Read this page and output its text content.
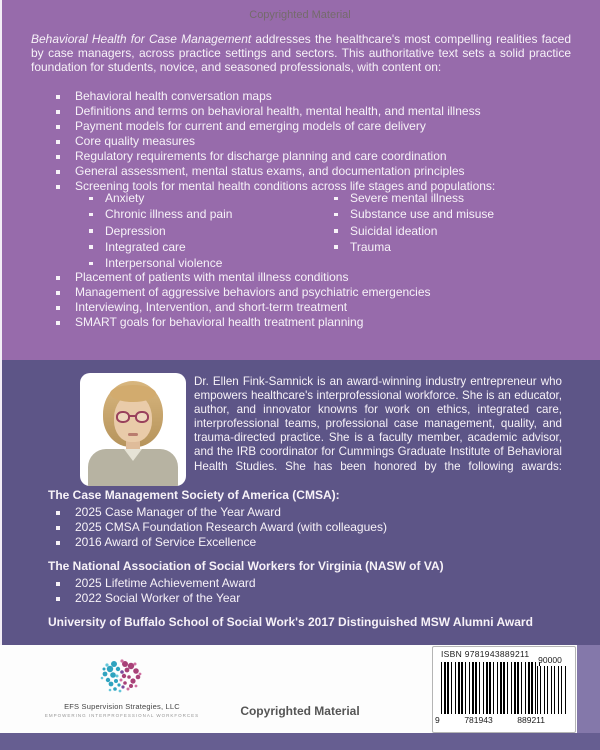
Copyrighted Material

Behavioral Health for Case Management addresses the healthcare's most compelling realities faced by case managers, across practice settings and sectors. This authoritative text sets a solid practice foundation for students, novice, and seasoned professionals, with content on:

Behavioral health conversation maps
Definitions and terms on behavioral health, mental health, and mental illness
Payment models for current and emerging models of care delivery
Core quality measures
Regulatory requirements for discharge planning and care coordination
General assessment, mental status exams, and documentation principles
Screening tools for mental health conditions across life stages and populations:
Anxiety
Chronic illness and pain
Depression
Integrated care
Interpersonal violence
Severe mental illness
Substance use and misuse
Suicidal ideation
Trauma
Placement of patients with mental illness conditions
Management of aggressive behaviors and psychiatric emergencies
Interviewing, Intervention, and short-term treatment
SMART goals for behavioral health treatment planning

Dr. Ellen Fink-Samnick is an award-winning industry entrepreneur who empowers healthcare's interprofessional workforce. She is an educator, author, and innovator knowns for work on ethics, integrated care, interprofessional teams, professional case management, quality, and trauma-directed practice. She is a faculty member, academic advisor, and the IRB coordinator for Cummings Graduate Institute of Behavioral Health Studies. She has been honored by the following awards:

The Case Management Society of America (CMSA):
2025 Case Manager of the Year Award
2025 CMSA Foundation Research Award (with colleagues)
2016 Award of Service Excellence
The National Association of Social Workers for Virginia (NASW of VA)
2025 Lifetime Achievement Award
2022 Social Worker of the Year
University of Buffalo School of Social Work's 2017 Distinguished MSW Alumni Award
EFS Supervision Strategies, LLC
EMPOWERING INTERPROFESSIONAL WORKFORCES
ISBN 9781943889211
9	781943	889211
90000
Copyrighted Material
